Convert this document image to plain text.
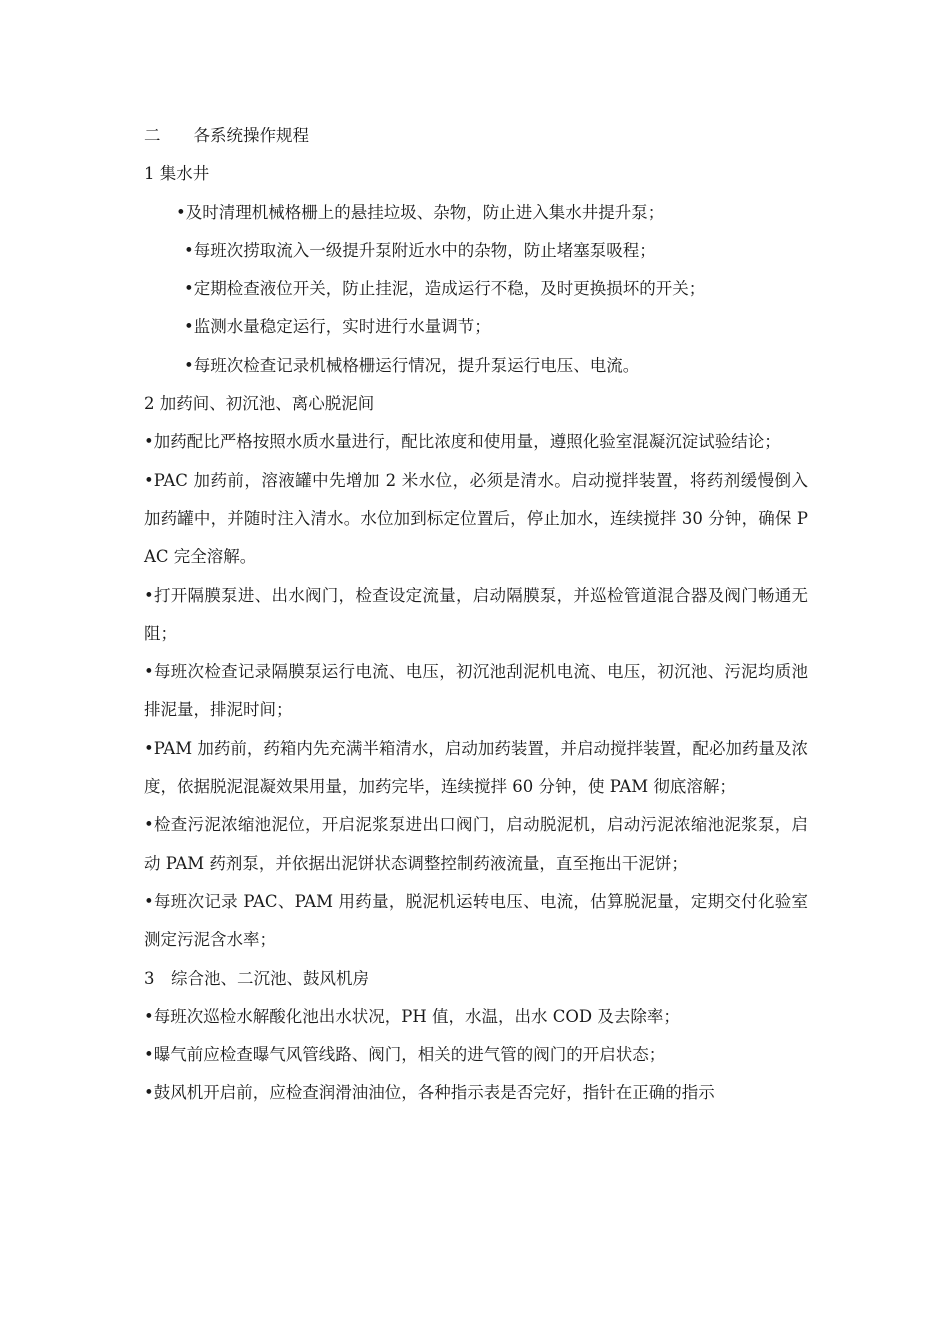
二　　各系统操作规程
1 集水井
•及时清理机械格栅上的悬挂垃圾、杂物，防止进入集水井提升泵；
•每班次捞取流入一级提升泵附近水中的杂物，防止堵塞泵吸程；
•定期检查液位开关，防止挂泥，造成运行不稳，及时更换损坏的开关；
•监测水量稳定运行，实时进行水量调节；
•每班次检查记录机械格栅运行情况，提升泵运行电压、电流。
2 加药间、初沉池、离心脱泥间
•加药配比严格按照水质水量进行，配比浓度和使用量，遵照化验室混凝沉淀试验结论；
•PAC 加药前，溶液罐中先增加 2 米水位，必须是清水。启动搅拌装置，将药剂缓慢倒入加药罐中，并随时注入清水。水位加到标定位置后，停止加水，连续搅拌 30 分钟，确保 PAC 完全溶解。
•打开隔膜泵进、出水阀门，检查设定流量，启动隔膜泵，并巡检管道混合器及阀门畅通无阻；
•每班次检查记录隔膜泵运行电流、电压，初沉池刮泥机电流、电压，初沉池、污泥均质池排泥量，排泥时间；
•PAM 加药前，药箱内先充满半箱清水，启动加药装置，并启动搅拌装置，配必加药量及浓度，依据脱泥混凝效果用量，加药完毕，连续搅拌 60 分钟，使 PAM 彻底溶解；
•检查污泥浓缩池泥位，开启泥浆泵进出口阀门，启动脱泥机，启动污泥浓缩池泥浆泵，启动 PAM 药剂泵，并依据出泥饼状态调整控制药液流量，直至拖出干泥饼；
•每班次记录 PAC、PAM 用药量，脱泥机运转电压、电流，估算脱泥量，定期交付化验室测定污泥含水率；
3　综合池、二沉池、鼓风机房
•每班次巡检水解酸化池出水状况，PH 值，水温，出水 COD 及去除率；
•曝气前应检查曝气风管线路、阀门，相关的进气管的阀门的开启状态；
•鼓风机开启前，应检查润滑油油位，各种指示表是否完好，指针在正确的指示
